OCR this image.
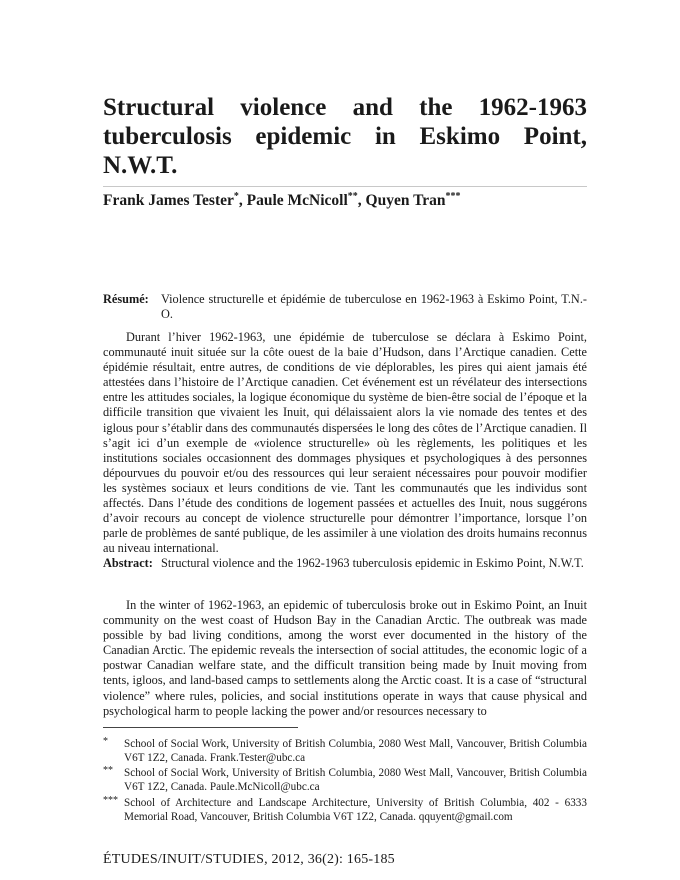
Structural violence and the 1962-1963
tuberculosis epidemic in Eskimo Point,
N.W.T.
Frank James Tester*, Paule McNicoll**, Quyen Tran***
Résumé: Violence structurelle et épidémie de tuberculose en 1962-1963 à Eskimo Point, T.N.-O.

Durant l’hiver 1962-1963, une épidémie de tuberculose se déclara à Eskimo Point, communauté inuit située sur la côte ouest de la baie d’Hudson, dans l’Arctique canadien. Cette épidémie résultait, entre autres, de conditions de vie déplorables, les pires qui aient jamais été attestées dans l’histoire de l’Arctique canadien. Cet événement est un révélateur des intersections entre les attitudes sociales, la logique économique du système de bien-être social de l’époque et la difficile transition que vivaient les Inuit, qui délaissaient alors la vie nomade des tentes et des iglous pour s’établir dans des communautés dispersées le long des côtes de l’Arctique canadien. Il s’agit ici d’un exemple de «violence structurelle» où les règlements, les politiques et les institutions sociales occasionnent des dommages physiques et psychologiques à des personnes dépourvues du pouvoir et/ou des ressources qui leur seraient nécessaires pour pouvoir modifier les systèmes sociaux et leurs conditions de vie. Tant les communautés que les individus sont affectés. Dans l’étude des conditions de logement passées et actuelles des Inuit, nous suggérons d’avoir recours au concept de violence structurelle pour démontrer l’importance, lorsque l’on parle de problèmes de santé publique, de les assimiler à une violation des droits humains reconnus au niveau international.

Abstract: Structural violence and the 1962-1963 tuberculosis epidemic in Eskimo Point, N.W.T.

In the winter of 1962-1963, an epidemic of tuberculosis broke out in Eskimo Point, an Inuit community on the west coast of Hudson Bay in the Canadian Arctic. The outbreak was made possible by bad living conditions, among the worst ever documented in the history of the Canadian Arctic. The epidemic reveals the intersection of social attitudes, the economic logic of a postwar Canadian welfare state, and the difficult transition being made by Inuit moving from tents, igloos, and land-based camps to settlements along the Arctic coast. It is a case of “structural violence” where rules, policies, and social institutions operate in ways that cause physical and psychological harm to people lacking the power and/or resources necessary to

* School of Social Work, University of British Columbia, 2080 West Mall, Vancouver, British Columbia V6T 1Z2, Canada. Frank.Tester@ubc.ca
** School of Social Work, University of British Columbia, 2080 West Mall, Vancouver, British Columbia V6T 1Z2, Canada. Paule.McNicoll@ubc.ca
*** School of Architecture and Landscape Architecture, University of British Columbia, 402 - 6333 Memorial Road, Vancouver, British Columbia V6T 1Z2, Canada. qquyent@gmail.com
ÉTUDES/INUIT/STUDIES, 2012, 36(2): 165-185
